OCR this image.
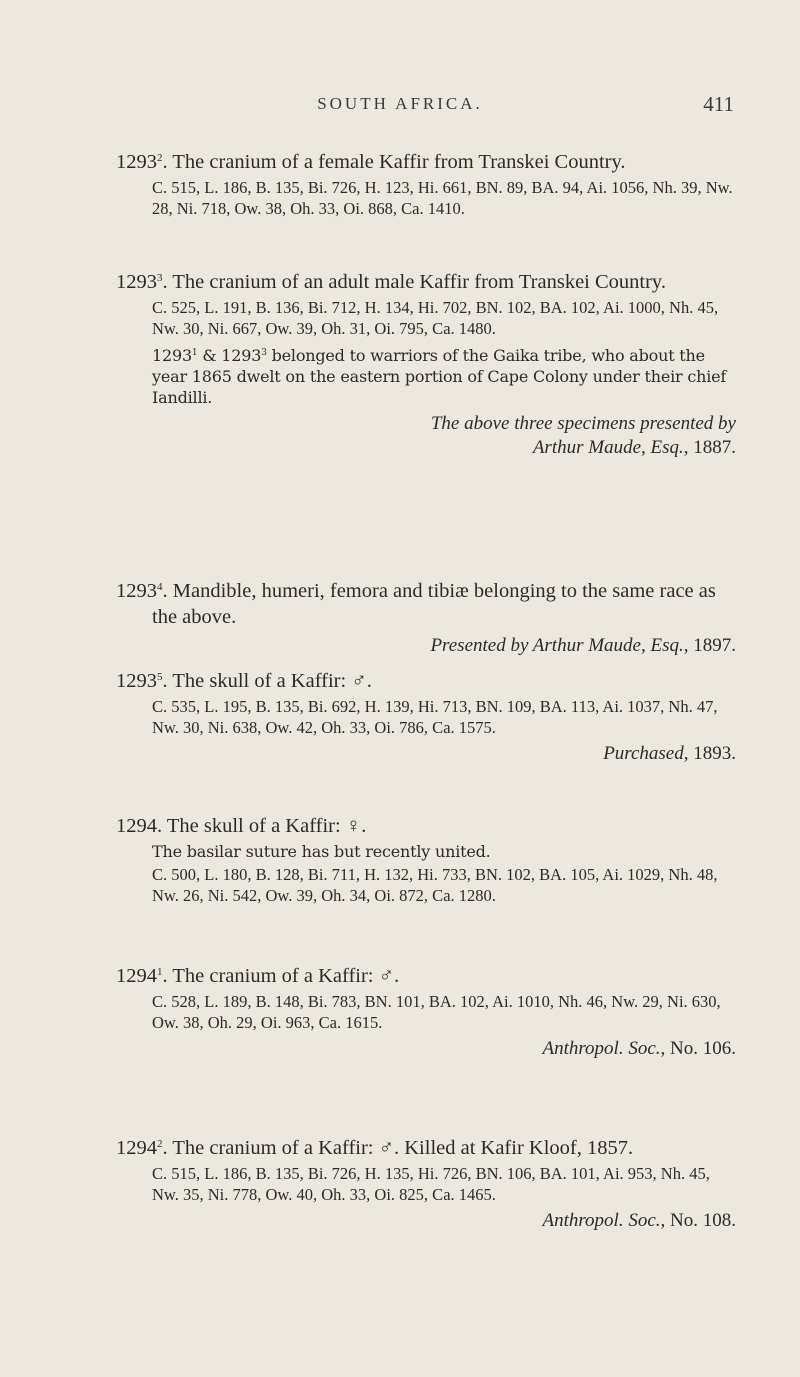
SOUTH AFRICA.	411

1293$^2$. The cranium of a female Kaffir from Transkei Country.

C. 515, L. 186, B. 135, Bi. 726, H. 123, Hi. 661, BN. 89, BA. 94, Ai. 1056, Nh. 39, Nw. 28, Ni. 718, Ow. 38, Oh. 33, Oi. 868, Ca. 1410.

1293$^3$. The cranium of an adult male Kaffir from Transkei Country.

C. 525, L. 191, B. 136, Bi. 712, H. 134, Hi. 702, BN. 102, BA. 102, Ai. 1000, Nh. 45, Nw. 30, Ni. 667, Ow. 39, Oh. 31, Oi. 795, Ca. 1480.

1293$^1$ & 1293$^3$ belonged to warriors of the Gaika tribe, who about the year 1865 dwelt on the eastern portion of Cape Colony under their chief Iandilli.

The above three specimens presented by
Arthur Maude, Esq., 1887.

1293$^4$. Mandible, humeri, femora and tibiæ belonging to the same race as the above.

Presented by Arthur Maude, Esq., 1897.

1293$^5$. The skull of a Kaffir: ♂.

C. 535, L. 195, B. 135, Bi. 692, H. 139, Hi. 713, BN. 109, BA. 113, Ai. 1037, Nh. 47, Nw. 30, Ni. 638, Ow. 42, Oh. 33, Oi. 786, Ca. 1575.

Purchased, 1893.

1294. The skull of a Kaffir: ♀.

The basilar suture has but recently united.

C. 500, L. 180, B. 128, Bi. 711, H. 132, Hi. 733, BN. 102, BA. 105, Ai. 1029, Nh. 48, Nw. 26, Ni. 542, Ow. 39, Oh. 34, Oi. 872, Ca. 1280.

1294$^1$. The cranium of a Kaffir: ♂.

C. 528, L. 189, B. 148, Bi. 783, BN. 101, BA. 102, Ai. 1010, Nh. 46, Nw. 29, Ni. 630, Ow. 38, Oh. 29, Oi. 963, Ca. 1615.

Anthropol. Soc., No. 106.

1294$^2$. The cranium of a Kaffir: ♂. Killed at Kafir Kloof, 1857.

C. 515, L. 186, B. 135, Bi. 726, H. 135, Hi. 726, BN. 106, BA. 101, Ai. 953, Nh. 45, Nw. 35, Ni. 778, Ow. 40, Oh. 33, Oi. 825, Ca. 1465.

Anthropol. Soc., No. 108.
